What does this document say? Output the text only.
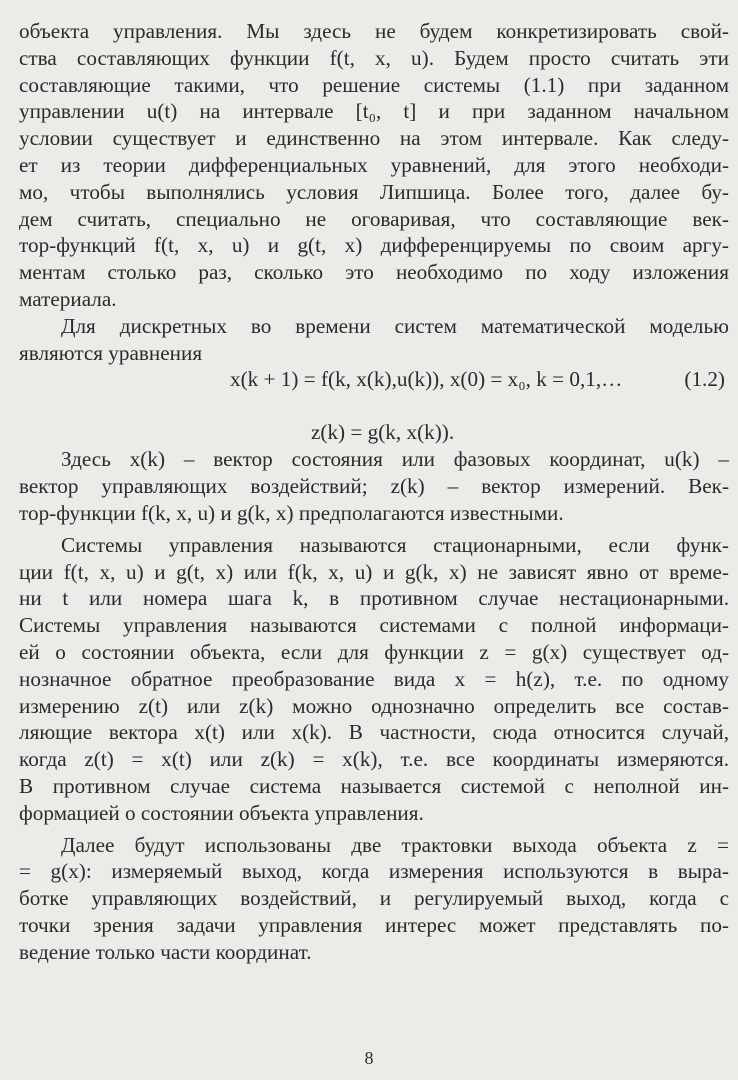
объекта управления. Мы здесь не будем конкретизировать свой-
ства составляющих функции f(t, x, u). Будем просто считать эти
составляющие такими, что решение системы (1.1) при заданном
управлении u(t) на интервале [t₀, t] и при заданном начальном
условии существует и единственно на этом интервале. Как следу-
ет из теории дифференциальных уравнений, для этого необходи-
мо, чтобы выполнялись условия Липшица. Более того, далее бу-
дем считать, специально не оговаривая, что составляющие век-
тор-функций f(t, x, u) и g(t, x) дифференцируемы по своим аргу-
ментам столько раз, сколько это необходимо по ходу изложения
материала.
Для дискретных во времени систем математической моделью
являются уравнения
x(k + 1) = f(k, x(k),u(k)), x(0) = x₀, k = 0,1,…	(1.2)
z(k) = g(k, x(k)).
Здесь x(k) – вектор состояния или фазовых координат, u(k) –
вектор управляющих воздействий; z(k) – вектор измерений. Век-
тор-функции f(k, x, u) и g(k, x) предполагаются известными.
Системы управления называются стационарными, если функ-
ции f(t, x, u) и g(t, x) или f(k, x, u) и g(k, x) не зависят явно от време-
ни t или номера шага k, в противном случае нестационарными.
Системы управления называются системами с полной информаци-
ей о состоянии объекта, если для функции z = g(x) существует од-
нозначное обратное преобразование вида x = h(z), т.е. по одному
измерению z(t) или z(k) можно однозначно определить все состав-
ляющие вектора x(t) или x(k). В частности, сюда относится случай,
когда z(t) = x(t) или z(k) = x(k), т.е. все координаты измеряются.
В противном случае система называется системой с неполной ин-
формацией о состоянии объекта управления.
Далее будут использованы две трактовки выхода объекта z =
= g(x): измеряемый выход, когда измерения используются в выра-
ботке управляющих воздействий, и регулируемый выход, когда с
точки зрения задачи управления интерес может представлять по-
ведение только части координат.
8
